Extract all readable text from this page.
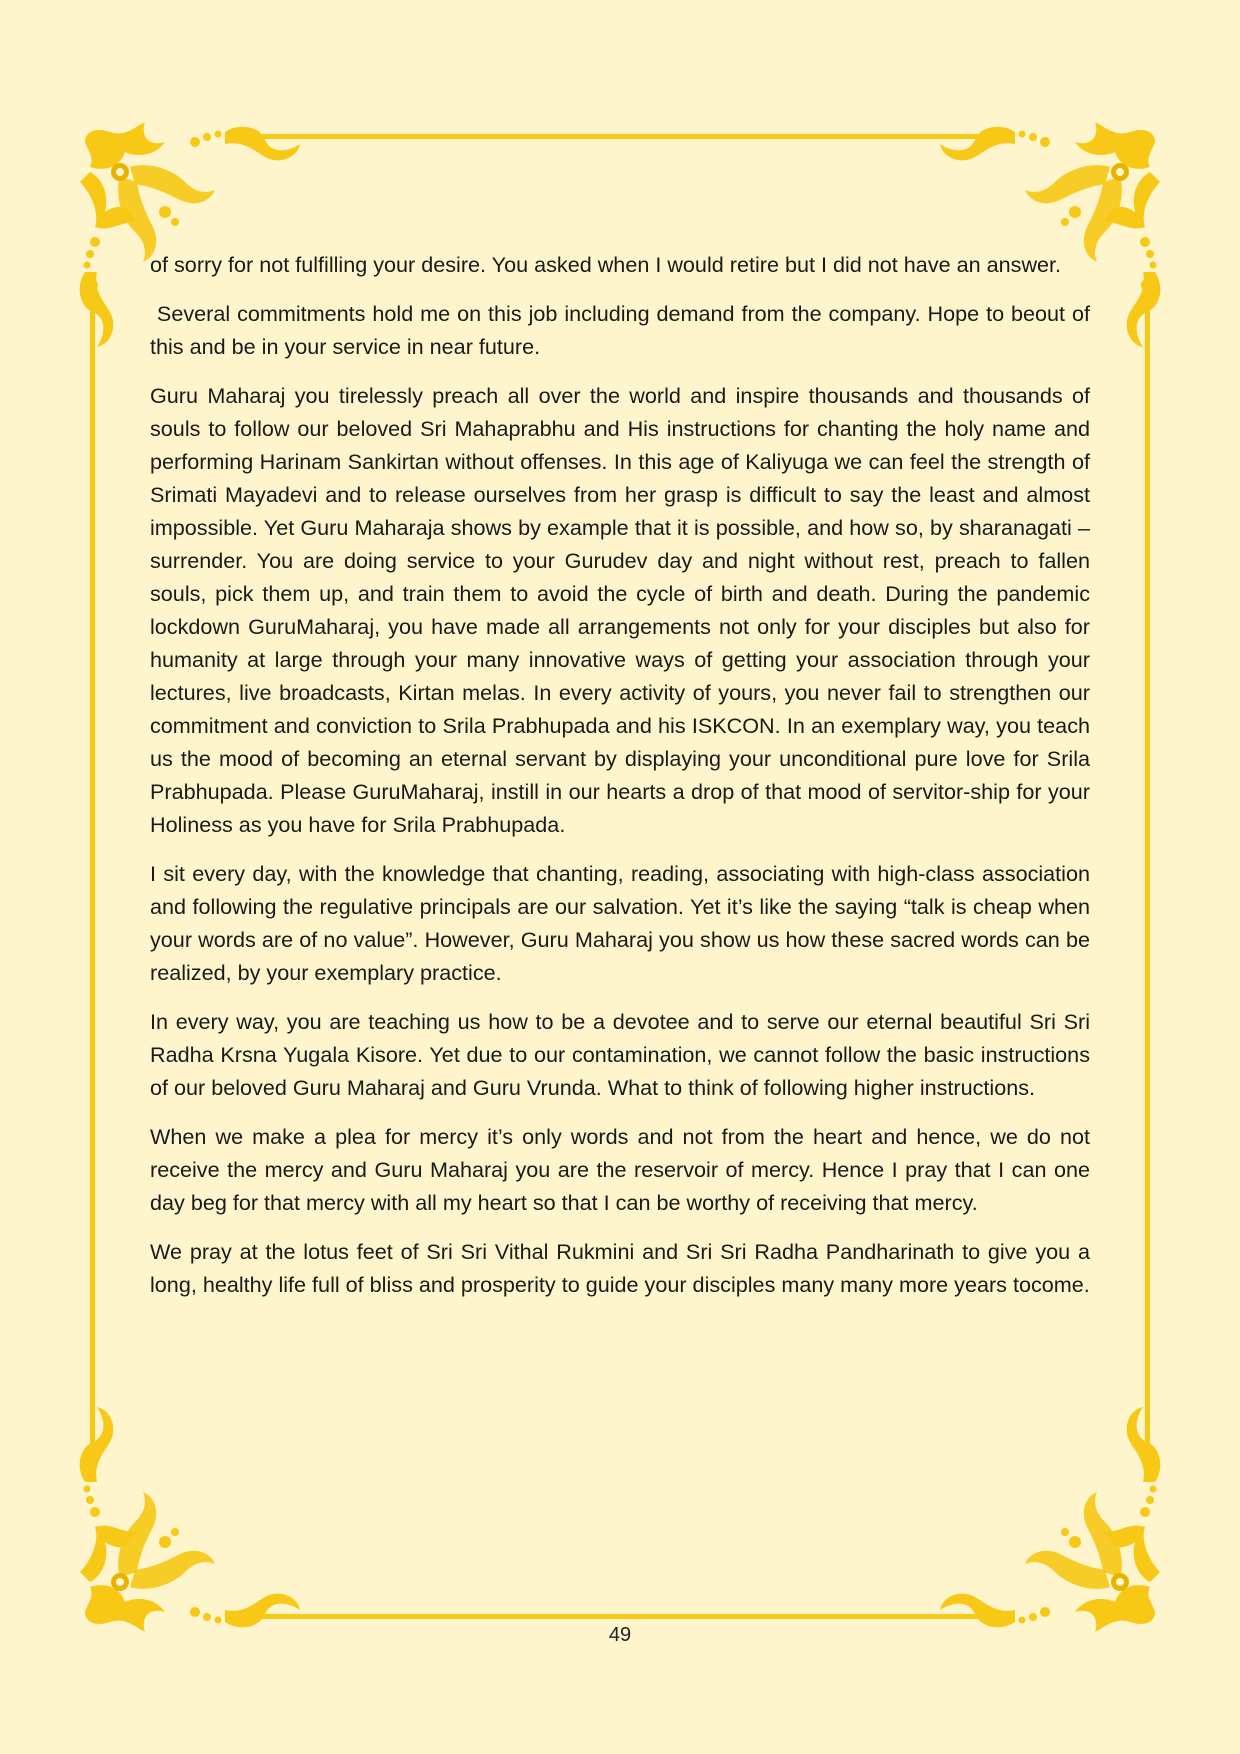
of sorry for not fulfilling your desire. You asked when I would retire but I did not have an answer.

Several commitments hold me on this job including demand from the company. Hope to beout of this and be in your service in near future.

Guru Maharaj you tirelessly preach all over the world and inspire thousands and thousands of souls to follow our beloved Sri Mahaprabhu and His instructions for chanting the holy name and performing Harinam Sankirtan without offenses. In this age of Kaliyuga we can feel the strength of Srimati Mayadevi and to release ourselves from her grasp is difficult to say the least and almost impossible. Yet Guru Maharaja shows by example that it is possible, and how so, by sharanagati – surrender. You are doing service to your Gurudev day and night without rest, preach to fallen souls, pick them up, and train them to avoid the cycle of birth and death. During the pandemic lockdown GuruMaharaj, you have made all arrangements not only for your disciples but also for humanity at large through your many innovative ways of getting your association through your lectures, live broadcasts, Kirtan melas. In every activity of yours, you never fail to strengthen our commitment and conviction to Srila Prabhupada and his ISKCON. In an exemplary way, you teach us the mood of becoming an eternal servant by displaying your unconditional pure love for Srila Prabhupada. Please GuruMaharaj, instill in our hearts a drop of that mood of servitor-ship for your Holiness as you have for Srila Prabhupada.

I sit every day, with the knowledge that chanting, reading, associating with high-class association and following the regulative principals are our salvation. Yet it’s like the saying “talk is cheap when your words are of no value”. However, Guru Maharaj you show us how these sacred words can be realized, by your exemplary practice.

In every way, you are teaching us how to be a devotee and to serve our eternal beautiful Sri Sri Radha Krsna Yugala Kisore. Yet due to our contamination, we cannot follow the basic instructions of our beloved Guru Maharaj and Guru Vrunda. What to think of following higher instructions.

When we make a plea for mercy it’s only words and not from the heart and hence, we do not receive the mercy and Guru Maharaj you are the reservoir of mercy. Hence I pray that I can one day beg for that mercy with all my heart so that I can be worthy of receiving that mercy.

We pray at the lotus feet of Sri Sri Vithal Rukmini and Sri Sri Radha Pandharinath to give you a long, healthy life full of bliss and prosperity to guide your disciples many many more years tocome.

49
